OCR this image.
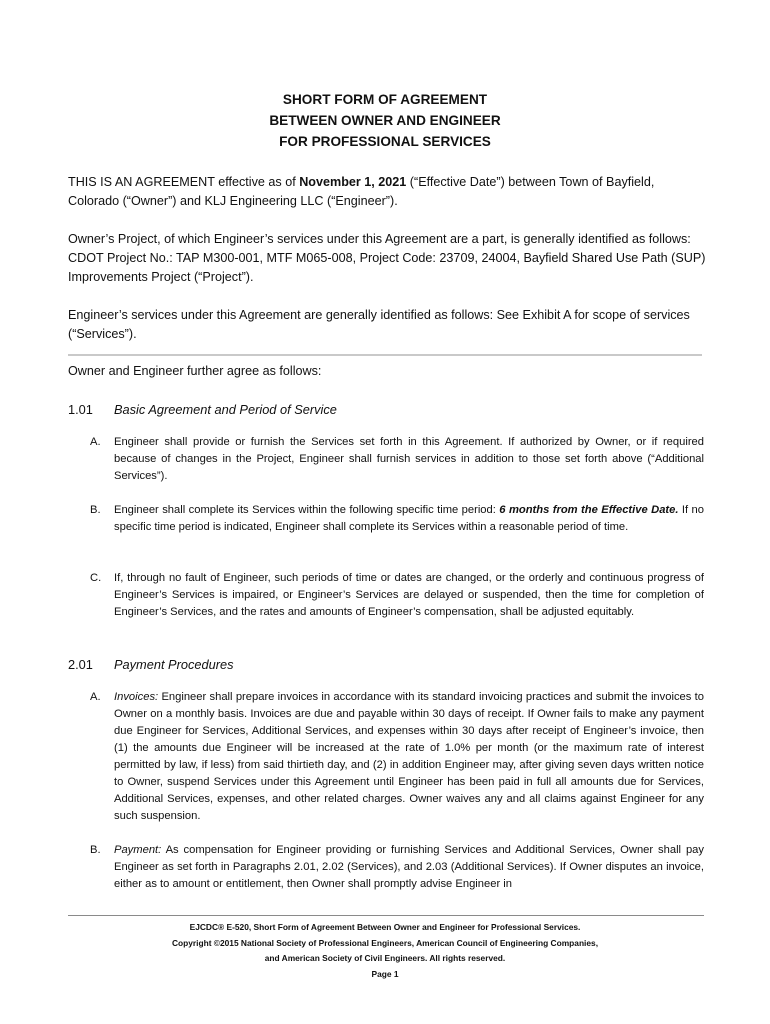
SHORT FORM OF AGREEMENT
BETWEEN OWNER AND ENGINEER
FOR PROFESSIONAL SERVICES
THIS IS AN AGREEMENT effective as of November 1, 2021 (“Effective Date”) between Town of Bayfield, Colorado (“Owner”) and KLJ Engineering LLC (“Engineer”).
Owner’s Project, of which Engineer’s services under this Agreement are a part, is generally identified as follows: CDOT Project No.: TAP M300-001, MTF M065-008, Project Code: 23709, 24004, Bayfield Shared Use Path (SUP) Improvements Project (“Project”).
Engineer’s services under this Agreement are generally identified as follows: See Exhibit A for scope of services (“Services”).
Owner and Engineer further agree as follows:
1.01 Basic Agreement and Period of Service
A. Engineer shall provide or furnish the Services set forth in this Agreement. If authorized by Owner, or if required because of changes in the Project, Engineer shall furnish services in addition to those set forth above (“Additional Services”).
B. Engineer shall complete its Services within the following specific time period: 6 months from the Effective Date. If no specific time period is indicated, Engineer shall complete its Services within a reasonable period of time.
C. If, through no fault of Engineer, such periods of time or dates are changed, or the orderly and continuous progress of Engineer’s Services is impaired, or Engineer’s Services are delayed or suspended, then the time for completion of Engineer’s Services, and the rates and amounts of Engineer’s compensation, shall be adjusted equitably.
2.01 Payment Procedures
A. Invoices: Engineer shall prepare invoices in accordance with its standard invoicing practices and submit the invoices to Owner on a monthly basis. Invoices are due and payable within 30 days of receipt. If Owner fails to make any payment due Engineer for Services, Additional Services, and expenses within 30 days after receipt of Engineer’s invoice, then (1) the amounts due Engineer will be increased at the rate of 1.0% per month (or the maximum rate of interest permitted by law, if less) from said thirtieth day, and (2) in addition Engineer may, after giving seven days written notice to Owner, suspend Services under this Agreement until Engineer has been paid in full all amounts due for Services, Additional Services, expenses, and other related charges. Owner waives any and all claims against Engineer for any such suspension.
B. Payment: As compensation for Engineer providing or furnishing Services and Additional Services, Owner shall pay Engineer as set forth in Paragraphs 2.01, 2.02 (Services), and 2.03 (Additional Services). If Owner disputes an invoice, either as to amount or entitlement, then Owner shall promptly advise Engineer in
EJCDC® E-520, Short Form of Agreement Between Owner and Engineer for Professional Services.
Copyright ©2015 National Society of Professional Engineers, American Council of Engineering Companies,
and American Society of Civil Engineers. All rights reserved.
Page 1
